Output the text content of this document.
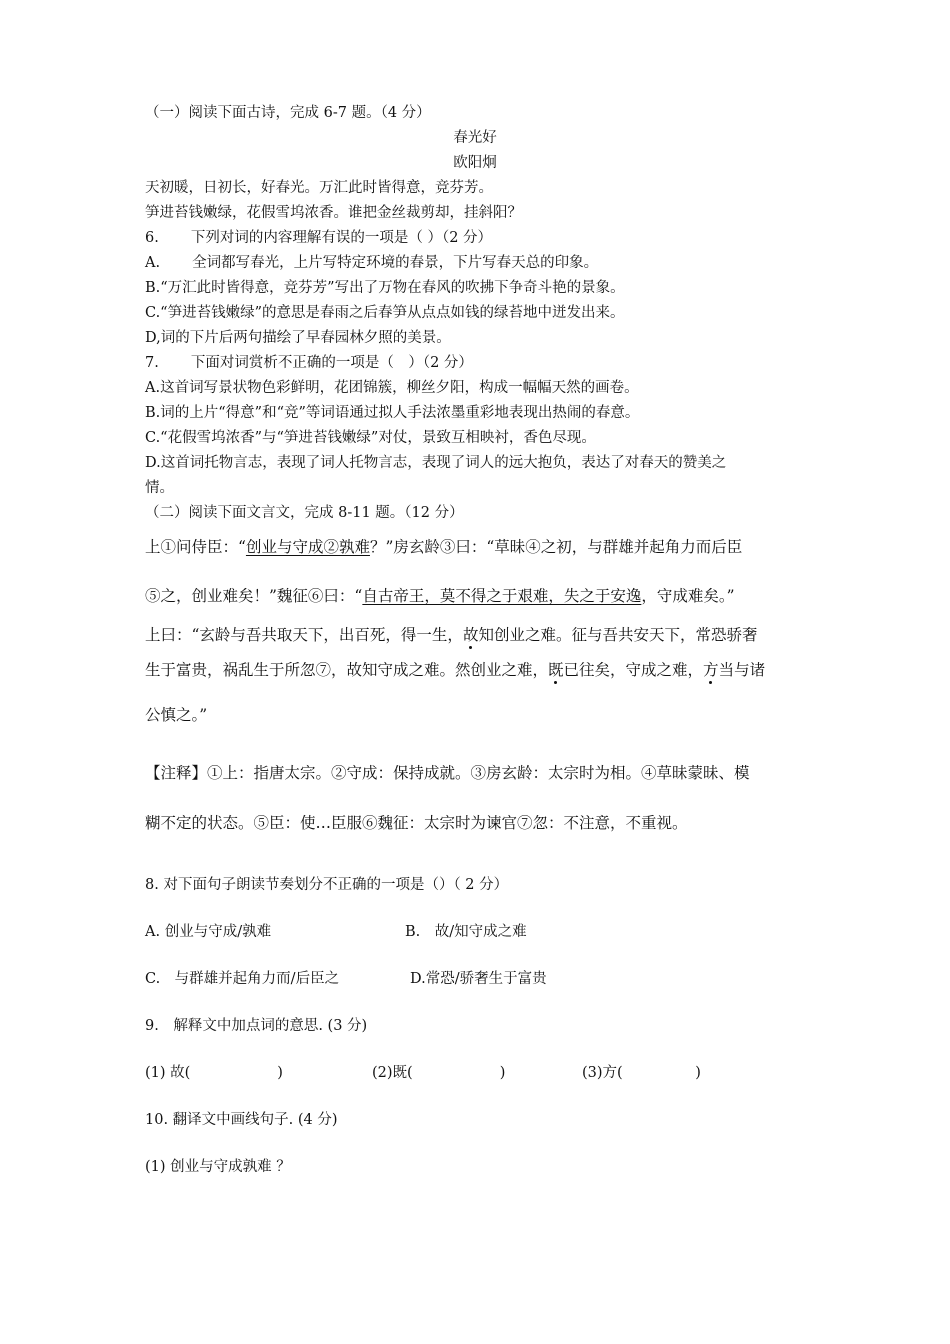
（一）阅读下面古诗，完成 6-7 题。（4 分）
春光好
欧阳炯
天初暖，日初长，好春光。万汇此时皆得意，竞芬芳。
笋进苔钱嫩绿，花假雪坞浓香。谁把金丝裁剪却，挂斜阳？
6. 下列对词的内容理解有误的一项是（ ）（2 分）
A. 全词都写春光，上片写特定环境的春景，下片写春天总的印象。
B.“万汇此时皆得意，竞芬芳”写出了万物在春风的吹拂下争奇斗艳的景象。
C.“笋进苔钱嫩绿”的意思是春雨之后春笋从点点如钱的绿苔地中迸发出来。
D,词的下片后两句描绘了早春园林夕照的美景。
7. 下面对词赏析不正确的一项是（　）（2 分）
A.这首词写景状物色彩鲜明，花团锦簇，柳丝夕阳，构成一幅幅天然的画卷。
B.词的上片“得意”和“竞”等词语通过拟人手法浓墨重彩地表现出热闹的春意。
C.“花假雪坞浓香”与“笋进苔钱嫩绿”对仗，景致互相映衬，香色尽现。
D.这首词托物言志，表现了词人托物言志，表现了词人的远大抱负，表达了对春天的赞美之
情。
（二）阅读下面文言文，完成 8-11 题。（12 分）
上①问侍臣：“创业与守成②孰难？”房玄龄③曰：“草昧④之初，与群雄并起角力而后臣
⑤之，创业难矣！”魏征⑥曰：“自古帝王，莫不得之于艰难，失之于安逸，守成难矣。”
上曰：“玄龄与吾共取天下，出百死，得一生，故知创业之难。征与吾共安天下，常恐骄奢
生于富贵，祸乱生于所忽⑦，故知守成之难。然创业之难，既已往矣，守成之难，方当与诸
公慎之。”
【注释】①上：指唐太宗。②守成：保持成就。③房玄龄：太宗时为相。④草昧蒙昧、模
糊不定的状态。⑤臣：使…臣服⑥魏征：太宗时为谏官⑦忽：不注意，不重视。
8. 对下面句子朗读节奏划分不正确的一项是（）（ 2 分）
A. 创业与守成/孰难	B.　故/知守成之难
C.　与群雄并起角力而/后臣之	D.常恐/骄奢生于富贵
9.　解释文中加点词的意思. (3 分)
(1) 故(　　　　　　)	(2)既(　　　　　　)	(3)方(　　　　　)
10. 翻译文中画线句子. (4 分)
(1) 创业与守成孰难 ？
